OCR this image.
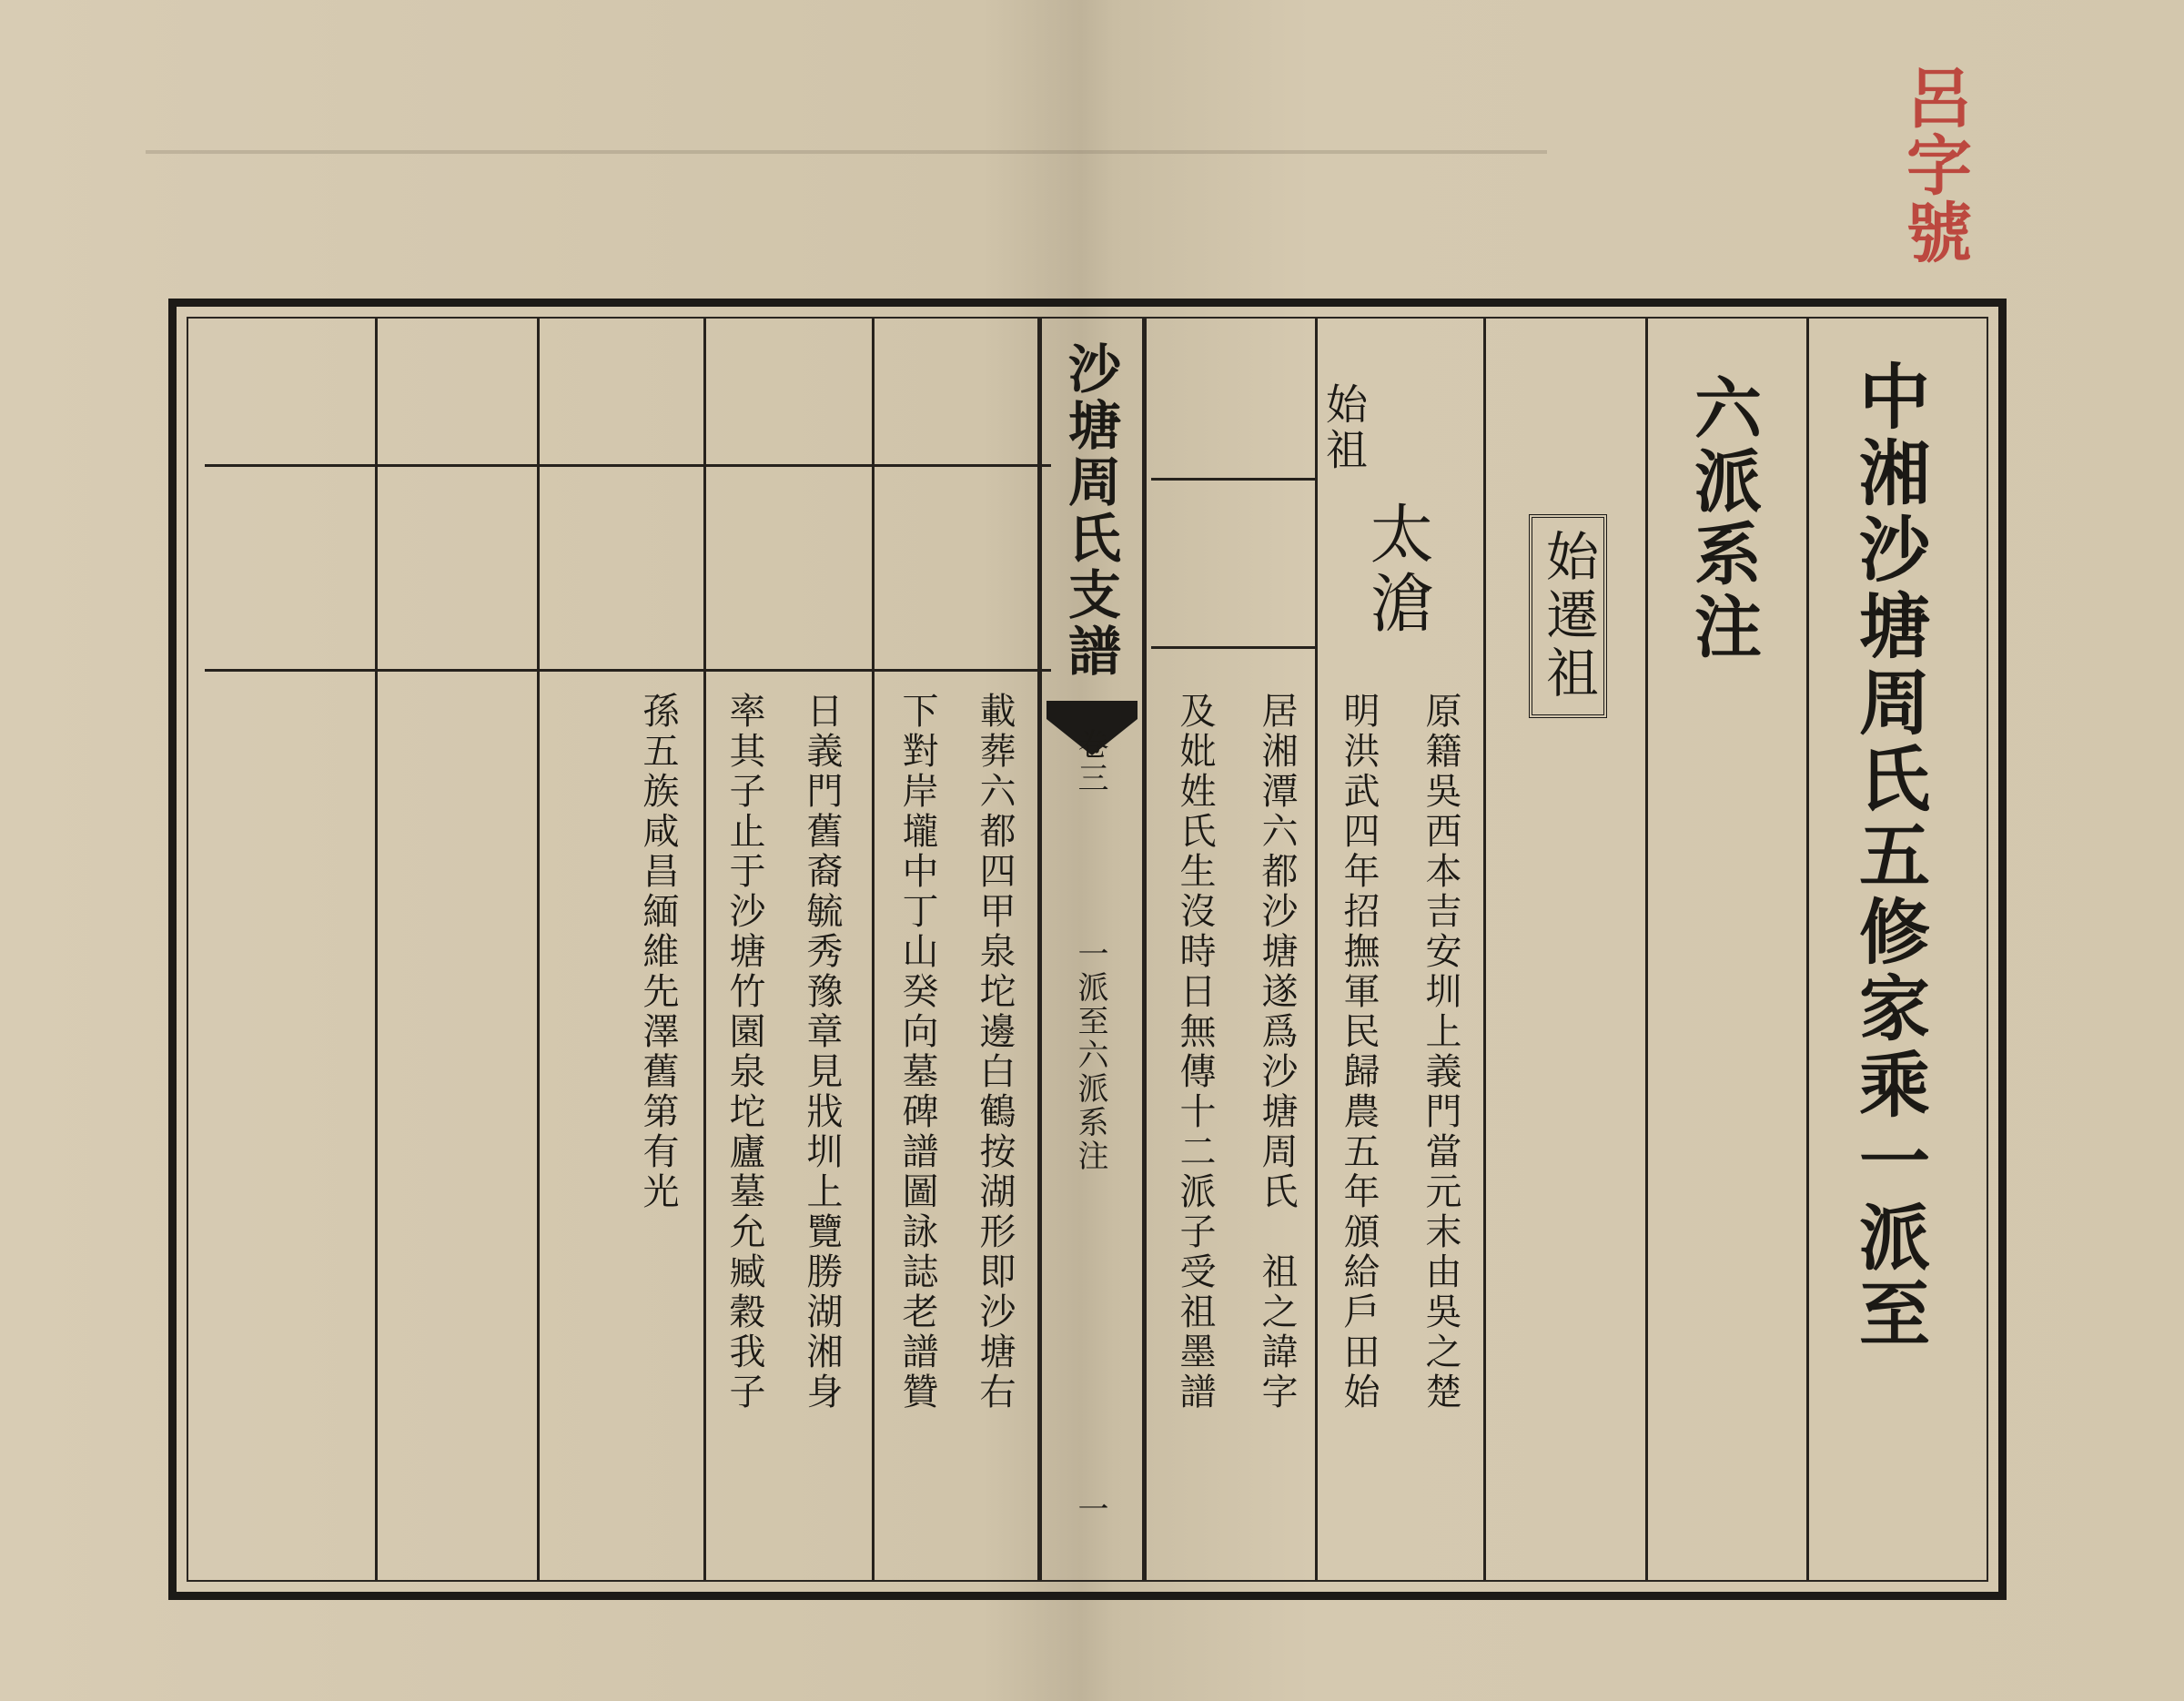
呂字號
中湘沙塘周氏五修家乘一派至
六派系注
始遷祖
太滄
始祖
原籍吳西本吉安圳上義門當元末由吳之楚
明洪武四年招撫軍民歸農五年頒給戶田始
居湘潭六都沙塘遂爲沙塘周氏　祖之諱字
及妣姓氏生沒時日無傳十二派子受祖墨譜
沙塘周氏支譜
卷三
一派至六派系注
一
載葬六都四甲泉坨邊白鶴按湖形即沙塘右
下對岸壠中丁山癸向墓碑譜圖詠誌老譜贊
日義門舊裔毓秀豫章見戕圳上覽勝湖湘身
率其子止于沙塘竹園泉坨廬墓允臧穀我子
孫五族咸昌緬維先澤舊第有光
